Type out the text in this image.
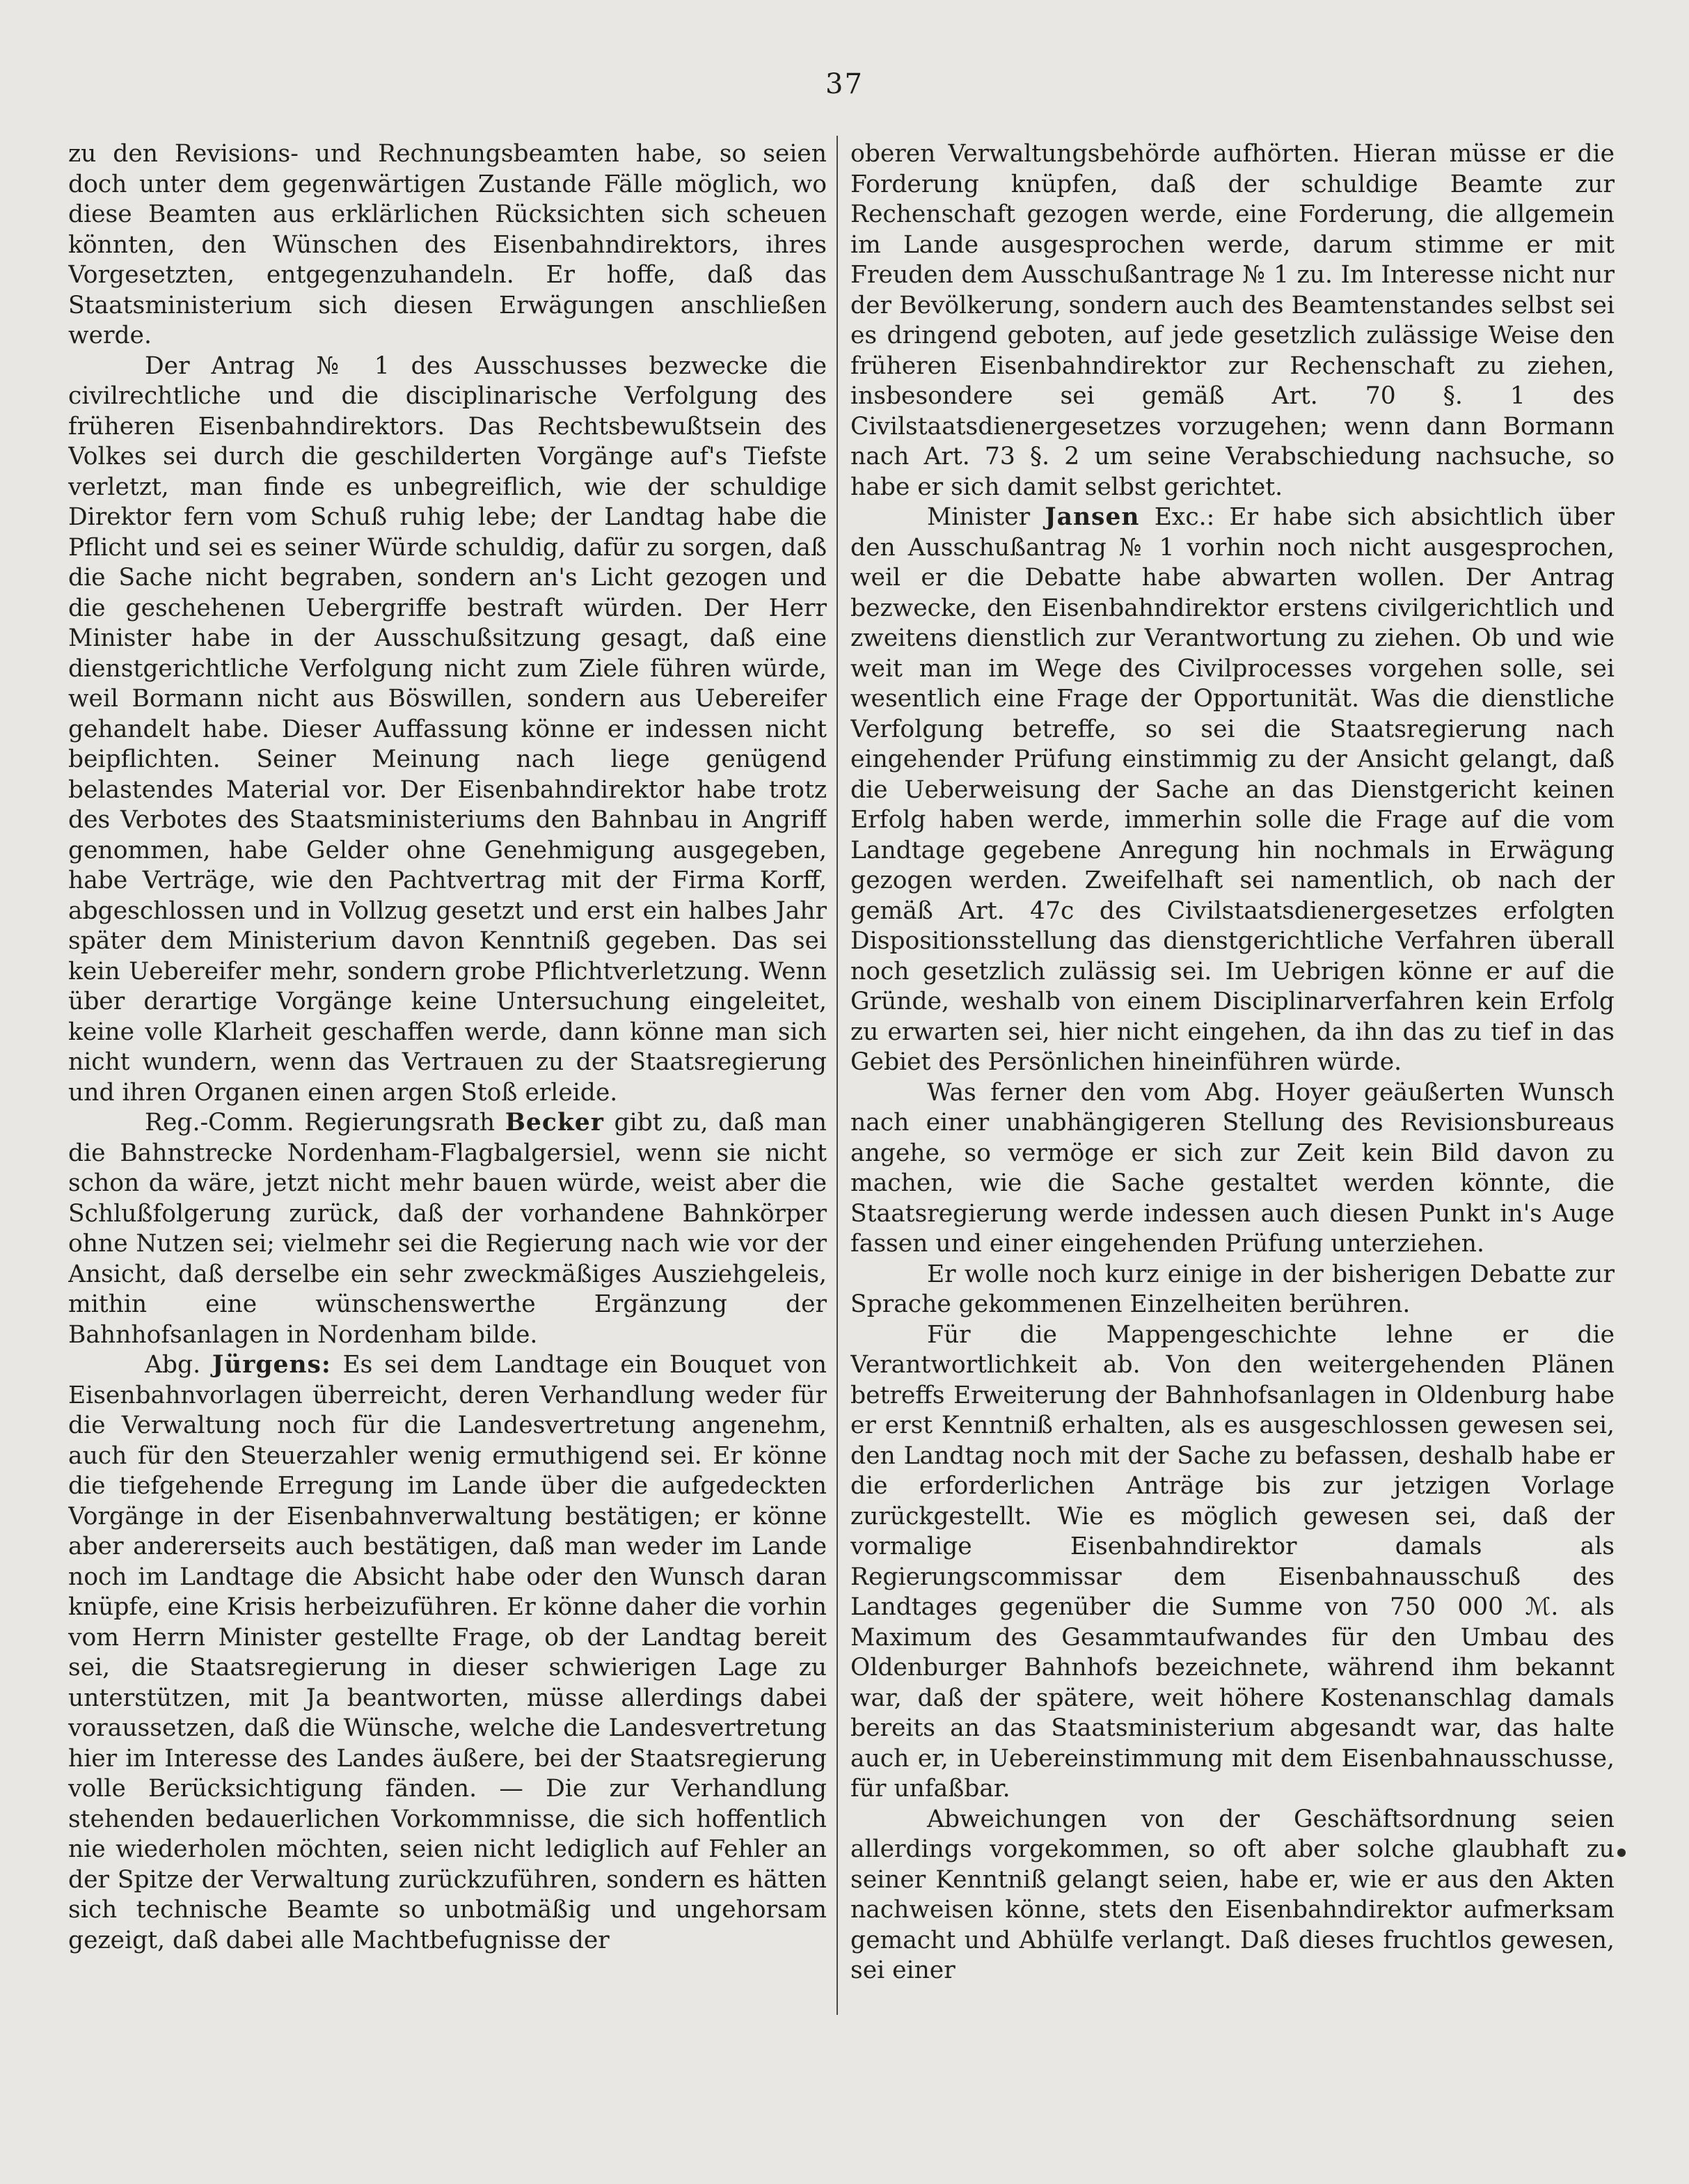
37

zu den Revisions- und Rechnungsbeamten habe, so seien doch unter dem gegenwärtigen Zustande Fälle möglich, wo diese Beamten aus erklärlichen Rücksichten sich scheuen könnten, den Wünschen des Eisenbahndirektors, ihres Vorgesetzten, entgegenzuhandeln. Er hoffe, daß das Staatsministerium sich diesen Erwägungen anschließen werde.

Der Antrag № 1 des Ausschusses bezwecke die civilrechtliche und die disciplinarische Verfolgung des früheren Eisenbahndirektors. Das Rechtsbewußtsein des Volkes sei durch die geschilderten Vorgänge auf's Tiefste verletzt, man finde es unbegreiflich, wie der schuldige Direktor fern vom Schuß ruhig lebe; der Landtag habe die Pflicht und sei es seiner Würde schuldig, dafür zu sorgen, daß die Sache nicht begraben, sondern an's Licht gezogen und die geschehenen Uebergriffe bestraft würden. Der Herr Minister habe in der Ausschußsitzung gesagt, daß eine dienstgerichtliche Verfolgung nicht zum Ziele führen würde, weil Bormann nicht aus Böswillen, sondern aus Uebereifer gehandelt habe. Dieser Auffassung könne er indessen nicht beipflichten. Seiner Meinung nach liege genügend belastendes Material vor. Der Eisenbahndirektor habe trotz des Verbotes des Staatsministeriums den Bahnbau in Angriff genommen, habe Gelder ohne Genehmigung ausgegeben, habe Verträge, wie den Pachtvertrag mit der Firma Korff, abgeschlossen und in Vollzug gesetzt und erst ein halbes Jahr später dem Ministerium davon Kenntniß gegeben. Das sei kein Uebereifer mehr, sondern grobe Pflichtverletzung. Wenn über derartige Vorgänge keine Untersuchung eingeleitet, keine volle Klarheit geschaffen werde, dann könne man sich nicht wundern, wenn das Vertrauen zu der Staatsregierung und ihren Organen einen argen Stoß erleide.

Reg.-Comm. Regierungsrath Becker gibt zu, daß man die Bahnstrecke Nordenham-Flagbalgersiel, wenn sie nicht schon da wäre, jetzt nicht mehr bauen würde, weist aber die Schlußfolgerung zurück, daß der vorhandene Bahnkörper ohne Nutzen sei; vielmehr sei die Regierung nach wie vor der Ansicht, daß derselbe ein sehr zweckmäßiges Ausziehgeleis, mithin eine wünschenswerthe Ergänzung der Bahnhofsanlagen in Nordenham bilde.

Abg. Jürgens: Es sei dem Landtage ein Bouquet von Eisenbahnvorlagen überreicht, deren Verhandlung weder für die Verwaltung noch für die Landesvertretung angenehm, auch für den Steuerzahler wenig ermuthigend sei. Er könne die tiefgehende Erregung im Lande über die aufgedeckten Vorgänge in der Eisenbahnverwaltung bestätigen; er könne aber andererseits auch bestätigen, daß man weder im Lande noch im Landtage die Absicht habe oder den Wunsch daran knüpfe, eine Krisis herbeizuführen. Er könne daher die vorhin vom Herrn Minister gestellte Frage, ob der Landtag bereit sei, die Staatsregierung in dieser schwierigen Lage zu unterstützen, mit Ja beantworten, müsse allerdings dabei voraussetzen, daß die Wünsche, welche die Landesvertretung hier im Interesse des Landes äußere, bei der Staatsregierung volle Berücksichtigung fänden. — Die zur Verhandlung stehenden bedauerlichen Vorkommnisse, die sich hoffentlich nie wiederholen möchten, seien nicht lediglich auf Fehler an der Spitze der Verwaltung zurückzuführen, sondern es hätten sich technische Beamte so unbotmäßig und ungehorsam gezeigt, daß dabei alle Machtbefugnisse der

oberen Verwaltungsbehörde aufhörten. Hieran müsse er die Forderung knüpfen, daß der schuldige Beamte zur Rechenschaft gezogen werde, eine Forderung, die allgemein im Lande ausgesprochen werde, darum stimme er mit Freuden dem Ausschußantrage № 1 zu. Im Interesse nicht nur der Bevölkerung, sondern auch des Beamtenstandes selbst sei es dringend geboten, auf jede gesetzlich zulässige Weise den früheren Eisenbahndirektor zur Rechenschaft zu ziehen, insbesondere sei gemäß Art. 70 §. 1 des Civilstaatsdienergesetzes vorzugehen; wenn dann Bormann nach Art. 73 §. 2 um seine Verabschiedung nachsuche, so habe er sich damit selbst gerichtet.

Minister Jansen Exc.: Er habe sich absichtlich über den Ausschußantrag № 1 vorhin noch nicht ausgesprochen, weil er die Debatte habe abwarten wollen. Der Antrag bezwecke, den Eisenbahndirektor erstens civilgerichtlich und zweitens dienstlich zur Verantwortung zu ziehen. Ob und wie weit man im Wege des Civilprocesses vorgehen solle, sei wesentlich eine Frage der Opportunität. Was die dienstliche Verfolgung betreffe, so sei die Staatsregierung nach eingehender Prüfung einstimmig zu der Ansicht gelangt, daß die Ueberweisung der Sache an das Dienstgericht keinen Erfolg haben werde, immerhin solle die Frage auf die vom Landtage gegebene Anregung hin nochmals in Erwägung gezogen werden. Zweifelhaft sei namentlich, ob nach der gemäß Art. 47c des Civilstaatsdienergesetzes erfolgten Dispositionsstellung das dienstgerichtliche Verfahren überall noch gesetzlich zulässig sei. Im Uebrigen könne er auf die Gründe, weshalb von einem Disciplinarverfahren kein Erfolg zu erwarten sei, hier nicht eingehen, da ihn das zu tief in das Gebiet des Persönlichen hineinführen würde.

Was ferner den vom Abg. Hoyer geäußerten Wunsch nach einer unabhängigeren Stellung des Revisionsbureaus angehe, so vermöge er sich zur Zeit kein Bild davon zu machen, wie die Sache gestaltet werden könnte, die Staatsregierung werde indessen auch diesen Punkt in's Auge fassen und einer eingehenden Prüfung unterziehen.

Er wolle noch kurz einige in der bisherigen Debatte zur Sprache gekommenen Einzelheiten berühren.

Für die Mappengeschichte lehne er die Verantwortlichkeit ab. Von den weitergehenden Plänen betreffs Erweiterung der Bahnhofsanlagen in Oldenburg habe er erst Kenntniß erhalten, als es ausgeschlossen gewesen sei, den Landtag noch mit der Sache zu befassen, deshalb habe er die erforderlichen Anträge bis zur jetzigen Vorlage zurückgestellt. Wie es möglich gewesen sei, daß der vormalige Eisenbahndirektor damals als Regierungscommissar dem Eisenbahnausschuß des Landtages gegenüber die Summe von 750 000 ℳ. als Maximum des Gesammtaufwandes für den Umbau des Oldenburger Bahnhofs bezeichnete, während ihm bekannt war, daß der spätere, weit höhere Kostenanschlag damals bereits an das Staatsministerium abgesandt war, das halte auch er, in Uebereinstimmung mit dem Eisenbahnausschusse, für unfaßbar.

Abweichungen von der Geschäftsordnung seien allerdings vorgekommen, so oft aber solche glaubhaft zu seiner Kenntniß gelangt seien, habe er, wie er aus den Akten nachweisen könne, stets den Eisenbahndirektor aufmerksam gemacht und Abhülfe verlangt. Daß dieses fruchtlos gewesen, sei einer
